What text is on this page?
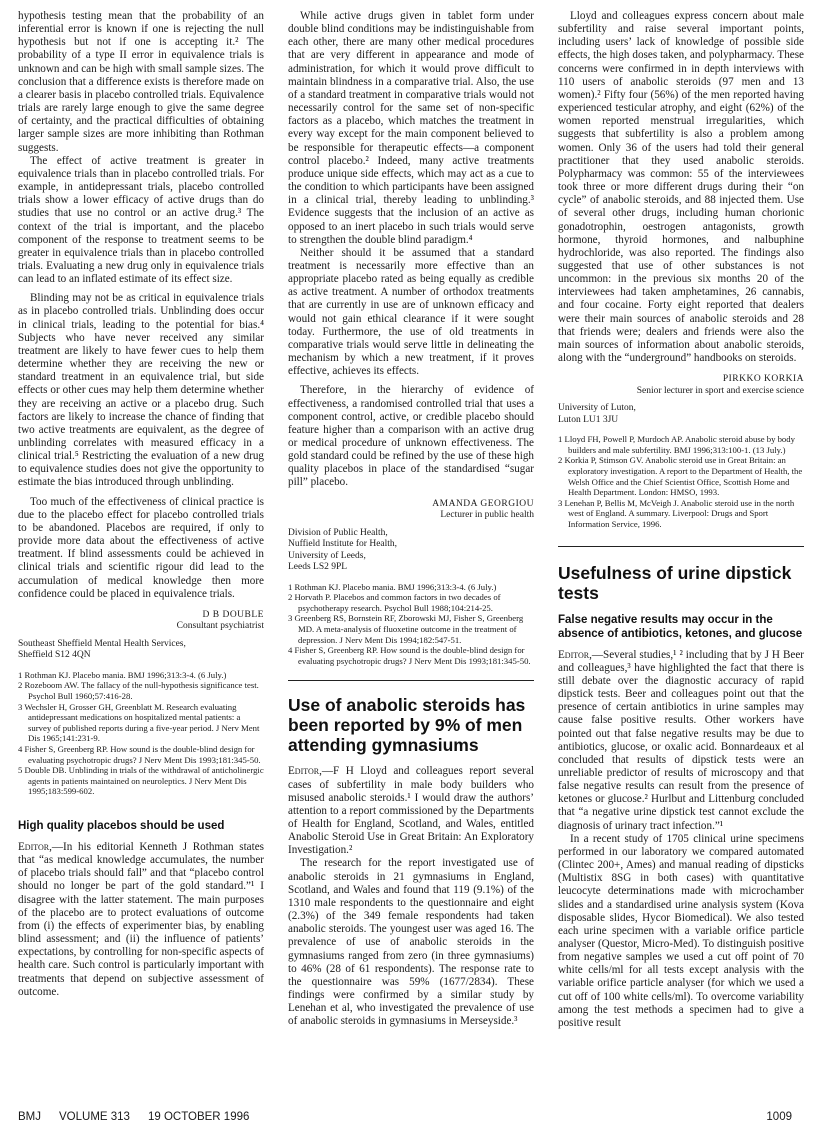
hypothesis testing mean that the probability of an inferential error is known if one is rejecting the null hypothesis but not if one is accepting it.² The probability of a type II error in equivalence trials is unknown and can be high with small sample sizes. The conclusion that a difference exists is therefore made on a clearer basis in placebo controlled trials. Equivalence trials are rarely large enough to give the same degree of certainty, and the practical difficulties of obtaining larger sample sizes are more inhibiting than Rothman suggests.

The effect of active treatment is greater in equivalence trials than in placebo controlled trials. For example, in antidepressant trials, placebo controlled trials show a lower efficacy of active drugs than do studies that use no control or an active drug.³ The context of the trial is important, and the placebo component of the response to treatment seems to be greater in equivalence trials than in placebo controlled trials. Evaluating a new drug only in equivalence trials can lead to an inflated estimate of its effect size.

Blinding may not be as critical in equivalence trials as in placebo controlled trials. Unblinding does occur in clinical trials, leading to the potential for bias.⁴ Subjects who have never received any similar treatment are likely to have fewer cues to help them determine whether they are receiving the new or standard treatment in an equivalence trial, but side effects or other cues may help them determine whether they are receiving an active or a placebo drug. Such factors are likely to increase the chance of finding that two active treatments are equivalent, as the degree of unblinding correlates with measured efficacy in a clinical trial.⁵ Restricting the evaluation of a new drug to equivalence studies does not give the opportunity to estimate the bias introduced through unblinding.

Too much of the effectiveness of clinical practice is due to the placebo effect for placebo controlled trials to be abandoned. Placebos are required, if only to provide more data about the effectiveness of active treatment. If blind assessments could be achieved in clinical trials and scientific rigour did lead to the accumulation of medical knowledge then more confidence could be placed in equivalence trials.

D B DOUBLE
Consultant psychiatrist
Southeast Sheffield Mental Health Services,
Sheffield S12 4QN
1 Rothman KJ. Placebo mania. BMJ 1996;313:3-4. (6 July.)
2 Rozeboom AW. The fallacy of the null-hypothesis significance test. Psychol Bull 1960;57:416-28.
3 Wechsler H, Grosser GH, Greenblatt M. Research evaluating antidepressant medications on hospitalized mental patients: a survey of published reports during a five-year period. J Nerv Ment Dis 1965;141:231-9.
4 Fisher S, Greenberg RP. How sound is the double-blind design for evaluating psychotropic drugs? J Nerv Ment Dis 1993;181:345-50.
5 Double DB. Unblinding in trials of the withdrawal of anticholinergic agents in patients maintained on neuroleptics. J Nerv Ment Dis 1995;183:599-602.
High quality placebos should be used

Editor,—In his editorial Kenneth J Rothman states that “as medical knowledge accumulates, the number of placebo trials should fall” and that “placebo control should no longer be part of the gold standard.”¹ I disagree with the latter statement. The main purposes of the placebo are to protect evaluations of outcome from (i) the effects of experimenter bias, by enabling blind assessment; and (ii) the influence of patients’ expectations, by controlling for non-specific aspects of health care. Such control is particularly important with treatments that depend on subjective assessment of outcome.

While active drugs given in tablet form under double blind conditions may be indistinguishable from each other, there are many other medical procedures that are very different in appearance and mode of administration, for which it would prove difficult to maintain blindness in a comparative trial. Also, the use of a standard treatment in comparative trials would not necessarily control for the same set of non-specific factors as a placebo, which matches the treatment in every way except for the main component believed to be responsible for therapeutic effects—a component control placebo.² Indeed, many active treatments produce unique side effects, which may act as a cue to the condition to which participants have been assigned in a clinical trial, thereby leading to unblinding.³ Evidence suggests that the inclusion of an active as opposed to an inert placebo in such trials would serve to strengthen the double blind paradigm.⁴

Neither should it be assumed that a standard treatment is necessarily more effective than an appropriate placebo rated as being equally as credible as active treatment. A number of orthodox treatments that are currently in use are of unknown efficacy and would not gain ethical clearance if it were sought today. Furthermore, the use of old treatments in comparative trials would serve little in delineating the mechanism by which a new treatment, if it proves effective, achieves its effects.

Therefore, in the hierarchy of evidence of effectiveness, a randomised controlled trial that uses a component control, active, or credible placebo should feature higher than a comparison with an active drug or medical procedure of unknown effectiveness. The gold standard could be refined by the use of these high quality placebos in place of the standardised “sugar pill” placebo.

AMANDA GEORGIOU
Lecturer in public health
Division of Public Health,
Nuffield Institute for Health,
University of Leeds,
Leeds LS2 9PL
1 Rothman KJ. Placebo mania. BMJ 1996;313:3-4. (6 July.)
2 Horvath P. Placebos and common factors in two decades of psychotherapy research. Psychol Bull 1988;104:214-25.
3 Greenberg RS, Bornstein RF, Zborowski MJ, Fisher S, Greenberg MD. A meta-analysis of fluoxetine outcome in the treatment of depression. J Nerv Ment Dis 1994;182:547-51.
4 Fisher S, Greenberg RP. How sound is the double-blind design for evaluating psychotropic drugs? J Nerv Ment Dis 1993;181:345-50.
Use of anabolic steroids has been reported by 9% of men attending gymnasiums

Editor,—F H Lloyd and colleagues report several cases of subfertility in male body builders who misused anabolic steroids.¹ I would draw the authors’ attention to a report commissioned by the Departments of Health for England, Scotland, and Wales, entitled Anabolic Steroid Use in Great Britain: An Exploratory Investigation.²

The research for the report investigated use of anabolic steroids in 21 gymnasiums in England, Scotland, and Wales and found that 119 (9.1%) of the 1310 male respondents to the questionnaire and eight (2.3%) of the 349 female respondents had taken anabolic steroids. The youngest user was aged 16. The prevalence of use of anabolic steroids in the gymnasiums ranged from zero (in three gymnasiums) to 46% (28 of 61 respondents). The response rate to the questionnaire was 59% (1677/2834). These findings were confirmed by a similar study by Lenehan et al, who investigated the prevalence of use of anabolic steroids in gymnasiums in Merseyside.³

Lloyd and colleagues express concern about male subfertility and raise several important points, including users’ lack of knowledge of possible side effects, the high doses taken, and polypharmacy. These concerns were confirmed in in depth interviews with 110 users of anabolic steroids (97 men and 13 women).² Fifty four (56%) of the men reported having experienced testicular atrophy, and eight (62%) of the women reported menstrual irregularities, which suggests that subfertility is also a problem among women. Only 36 of the users had told their general practitioner that they used anabolic steroids. Polypharmacy was common: 55 of the interviewees took three or more different drugs during their “on cycle” of anabolic steroids, and 88 injected them. Use of several other drugs, including human chorionic gonadotrophin, oestrogen antagonists, growth hormone, thyroid hormones, and nalbuphine hydrochloride, was also reported. The findings also suggested that use of other substances is not uncommon: in the previous six months 20 of the interviewees had taken amphetamines, 26 cannabis, and four cocaine. Forty eight reported that dealers were their main sources of anabolic steroids and 28 that friends were; dealers and friends were also the main sources of information about anabolic steroids, along with the “underground” handbooks on steroids.

PIRKKO KORKIA
Senior lecturer in sport and exercise science
University of Luton,
Luton LU1 3JU
1 Lloyd FH, Powell P, Murdoch AP. Anabolic steroid abuse by body builders and male subfertility. BMJ 1996;313:100-1. (13 July.)
2 Korkia P, Stimson GV. Anabolic steroid use in Great Britain: an exploratory investigation. A report to the Department of Health, the Welsh Office and the Chief Scientist Office, Scottish Home and Health Department. London: HMSO, 1993.
3 Lenehan P, Bellis M, McVeigh J. Anabolic steroid use in the north west of England. A summary. Liverpool: Drugs and Sport Information Service, 1996.
Usefulness of urine dipstick tests
False negative results may occur in the absence of antibiotics, ketones, and glucose

Editor,—Several studies,¹ ² including that by J H Beer and colleagues,³ have highlighted the fact that there is still debate over the diagnostic accuracy of rapid dipstick tests. Beer and colleagues point out that the presence of certain antibiotics in urine samples may cause false positive results. Other workers have pointed out that false negative results may be due to antibiotics, glucose, or oxalic acid. Bonnardeaux et al concluded that results of dipstick tests were an unreliable predictor of results of microscopy and that false negative results can result from the presence of ketones or glucose.² Hurlbut and Littenburg concluded that “a negative urine dipstick test cannot exclude the diagnosis of urinary tract infection.”¹

In a recent study of 1705 clinical urine specimens performed in our laboratory we compared automated (Clintec 200+, Ames) and manual reading of dipsticks (Multistix 8SG in both cases) with quantitative leucocyte determinations made with microchamber slides and a standardised urine analysis system (Kova disposable slides, Hycor Biomedical). We also tested each urine specimen with a variable orifice particle analyser (Questor, Micro-Med). To distinguish positive from negative samples we used a cut off point of 70 white cells/ml for all tests except analysis with the variable orifice particle analyser (for which we used a cut off of 100 white cells/ml). To overcome variability among the test methods a specimen had to give a positive result

BMJ VOLUME 313 19 OCTOBER 1996	1009
